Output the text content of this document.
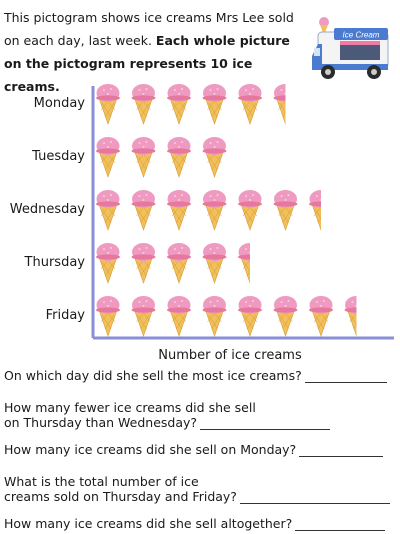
This pictogram shows ice creams Mrs Lee sold on each day, last week. Each whole picture on the pictogram represents 10 ice creams.
Ice Cream
Monday
Tuesday
Wednesday
Thursday
Friday
Number of ice creams
On which day did she sell the most ice creams?
How many fewer ice creams did she sell
on Thursday than Wednesday?
How many ice creams did she sell on Monday?
What is the total number of ice
creams sold on Thursday and Friday?
How many ice creams did she sell altogether?
